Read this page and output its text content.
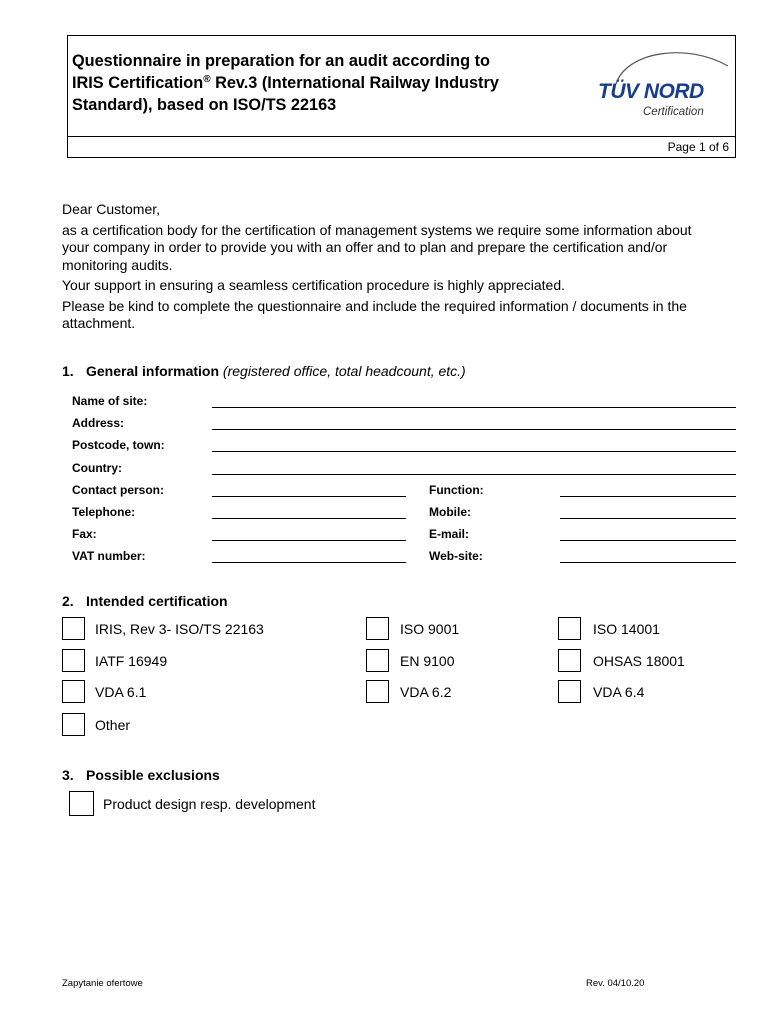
Questionnaire in preparation for an audit according to
IRIS Certification® Rev.3 (International Railway Industry
Standard), based on ISO/TS 22163
TÜV NORD
Certification
Page 1 of 6

Dear Customer,

as a certification body for the certification of management systems we require some information about your company in order to provide you with an offer and to plan and prepare the certification and/or monitoring audits.

Your support in ensuring a seamless certification procedure is highly appreciated.

Please be kind to complete the questionnaire and include the required information / documents in the attachment.

1. General information (registered office, total headcount, etc.)
Name of site:
Address:
Postcode, town:
Country:
Contact person:	Function:
Telephone:	Mobile:
Fax:	E-mail:
VAT number:	Web-site:
2. Intended certification
IRIS, Rev 3- ISO/TS 22163	ISO 9001	ISO 14001
IATF 16949	EN 9100	OHSAS 18001
VDA 6.1	VDA 6.2	VDA 6.4
Other
3. Possible exclusions
Product design resp. development
Zapytanie ofertowe	Rev. 04/10.20
